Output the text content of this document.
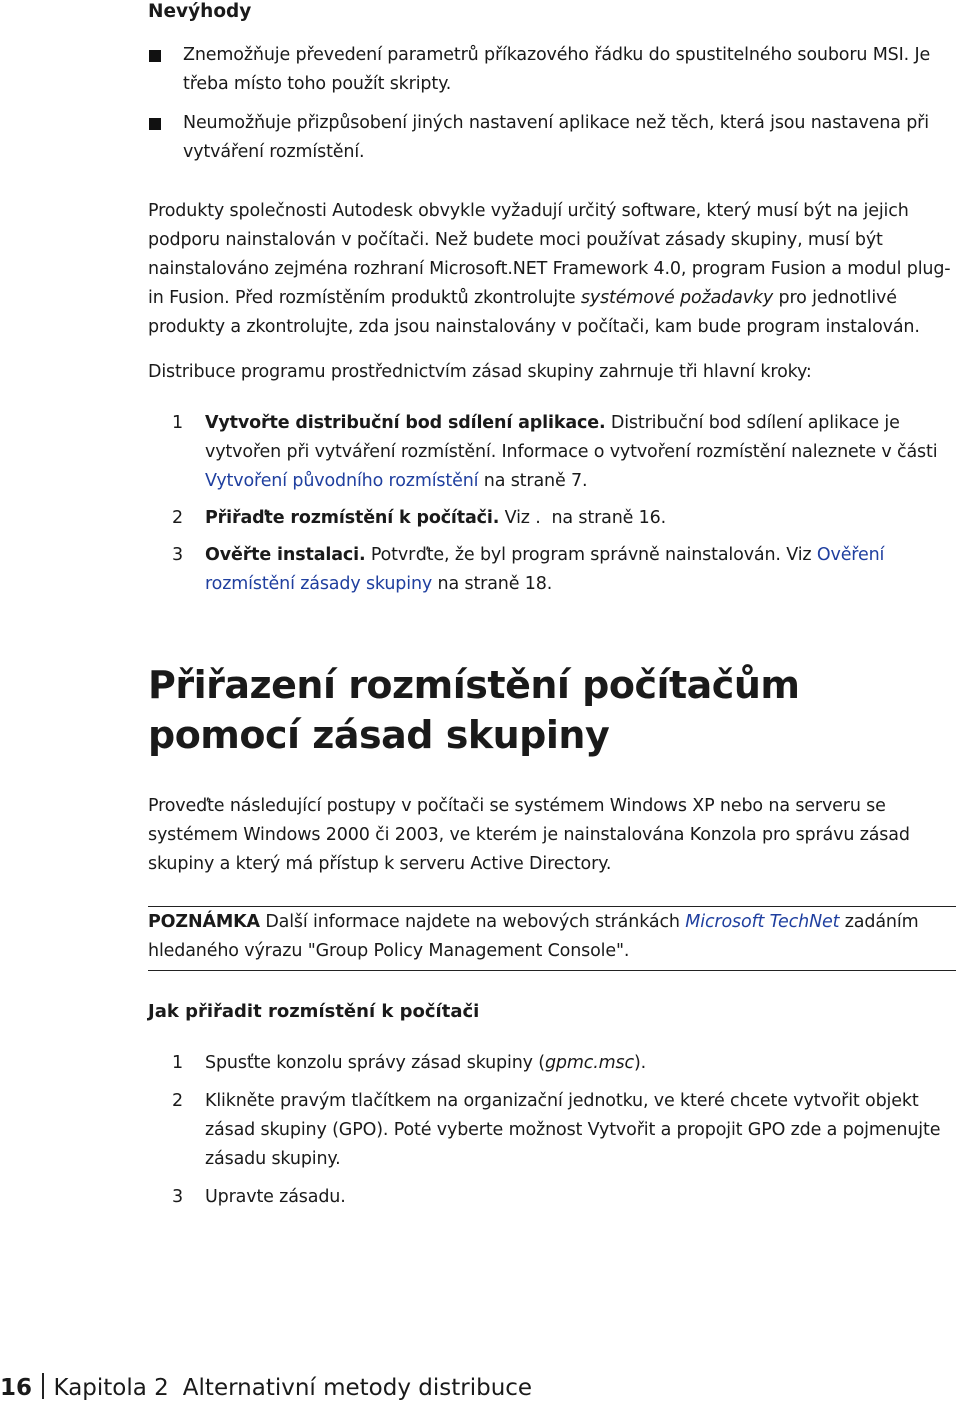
Nevýhody
Znemožňuje převedení parametrů příkazového řádku do spustitelného souboru MSI. Je třeba místo toho použít skripty.
Neumožňuje přizpůsobení jiných nastavení aplikace než těch, která jsou nastavena při vytváření rozmístění.

Produkty společnosti Autodesk obvykle vyžadují určitý software, který musí být na jejich podporu nainstalován v počítači. Než budete moci používat zásady skupiny, musí být nainstalováno zejména rozhraní Microsoft.NET Framework 4.0, program Fusion a modul plug-in Fusion. Před rozmístěním produktů zkontrolujte systémové požadavky pro jednotlivé produkty a zkontrolujte, zda jsou nainstalovány v počítači, kam bude program instalován.

Distribuce programu prostřednictvím zásad skupiny zahrnuje tři hlavní kroky:

1 Vytvořte distribuční bod sdílení aplikace. Distribuční bod sdílení aplikace je vytvořen při vytváření rozmístění. Informace o vytvoření rozmístění naleznete v části Vytvoření původního rozmístění na straně 7.
2 Přiřaďte rozmístění k počítači. Viz .  na straně 16.
3 Ověřte instalaci. Potvrďte, že byl program správně nainstalován. Viz Ověření rozmístění zásady skupiny na straně 18.
Přiřazení rozmístění počítačům pomocí zásad skupiny

Proveďte následující postupy v počítači se systémem Windows XP nebo na serveru se systémem Windows 2000 či 2003, ve kterém je nainstalována Konzola pro správu zásad skupiny a který má přístup k serveru Active Directory.

POZNÁMKA Další informace najdete na webových stránkách Microsoft TechNet zadáním hledaného výrazu "Group Policy Management Console".
Jak přiřadit rozmístění k počítači
1 Spusťte konzolu správy zásad skupiny (gpmc.msc).
2 Klikněte pravým tlačítkem na organizační jednotku, ve které chcete vytvořit objekt zásad skupiny (GPO). Poté vyberte možnost Vytvořit a propojit GPO zde a pojmenujte zásadu skupiny.
3 Upravte zásadu.
16 Kapitola 2 Alternativní metody distribuce
